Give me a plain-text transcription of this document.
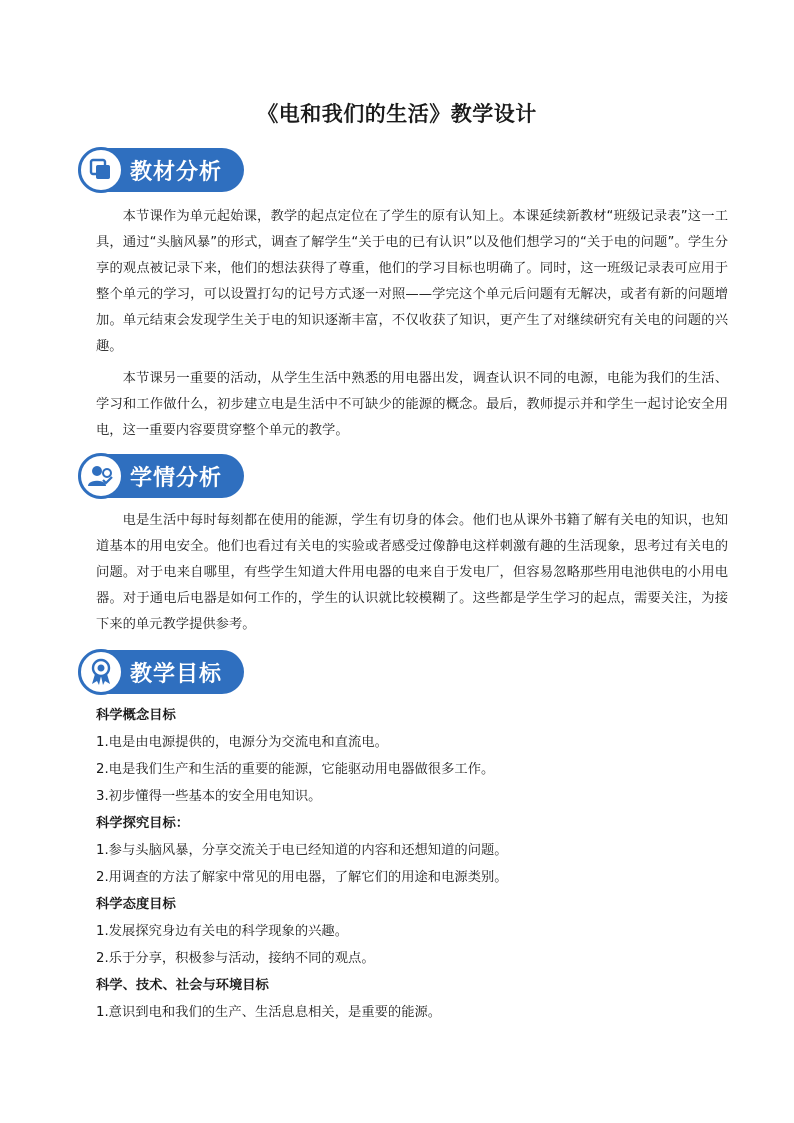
《电和我们的生活》教学设计
教材分析

本节课作为单元起始课，教学的起点定位在了学生的原有认知上。本课延续新教材“班级记录表”这一工具，通过“头脑风暴”的形式，调查了解学生“关于电的已有认识”以及他们想学习的“关于电的问题”。学生分享的观点被记录下来，他们的想法获得了尊重，他们的学习目标也明确了。同时，这一班级记录表可应用于整个单元的学习，可以设置打勾的记号方式逐一对照——学完这个单元后问题有无解决，或者有新的问题增加。单元结束会发现学生关于电的知识逐渐丰富，不仅收获了知识，更产生了对继续研究有关电的问题的兴趣。

本节课另一重要的活动，从学生生活中熟悉的用电器出发，调查认识不同的电源，电能为我们的生活、学习和工作做什么，初步建立电是生活中不可缺少的能源的概念。最后，教师提示并和学生一起讨论安全用电，这一重要内容要贯穿整个单元的教学。

学情分析

电是生活中每时每刻都在使用的能源，学生有切身的体会。他们也从课外书籍了解有关电的知识，也知道基本的用电安全。他们也看过有关电的实验或者感受过像静电这样刺激有趣的生活现象，思考过有关电的问题。对于电来自哪里，有些学生知道大件用电器的电来自于发电厂，但容易忽略那些用电池供电的小用电器。对于通电后电器是如何工作的，学生的认识就比较模糊了。这些都是学生学习的起点，需要关注，为接下来的单元教学提供参考。

教学目标
科学概念目标
1.电是由电源提供的，电源分为交流电和直流电。
2.电是我们生产和生活的重要的能源，它能驱动用电器做很多工作。
3.初步懂得一些基本的安全用电知识。
科学探究目标：
1.参与头脑风暴，分享交流关于电已经知道的内容和还想知道的问题。
2.用调查的方法了解家中常见的用电器，了解它们的用途和电源类别。
科学态度目标
1.发展探究身边有关电的科学现象的兴趣。
2.乐于分享，积极参与活动，接纳不同的观点。
科学、技术、社会与环境目标
1.意识到电和我们的生产、生活息息相关，是重要的能源。
